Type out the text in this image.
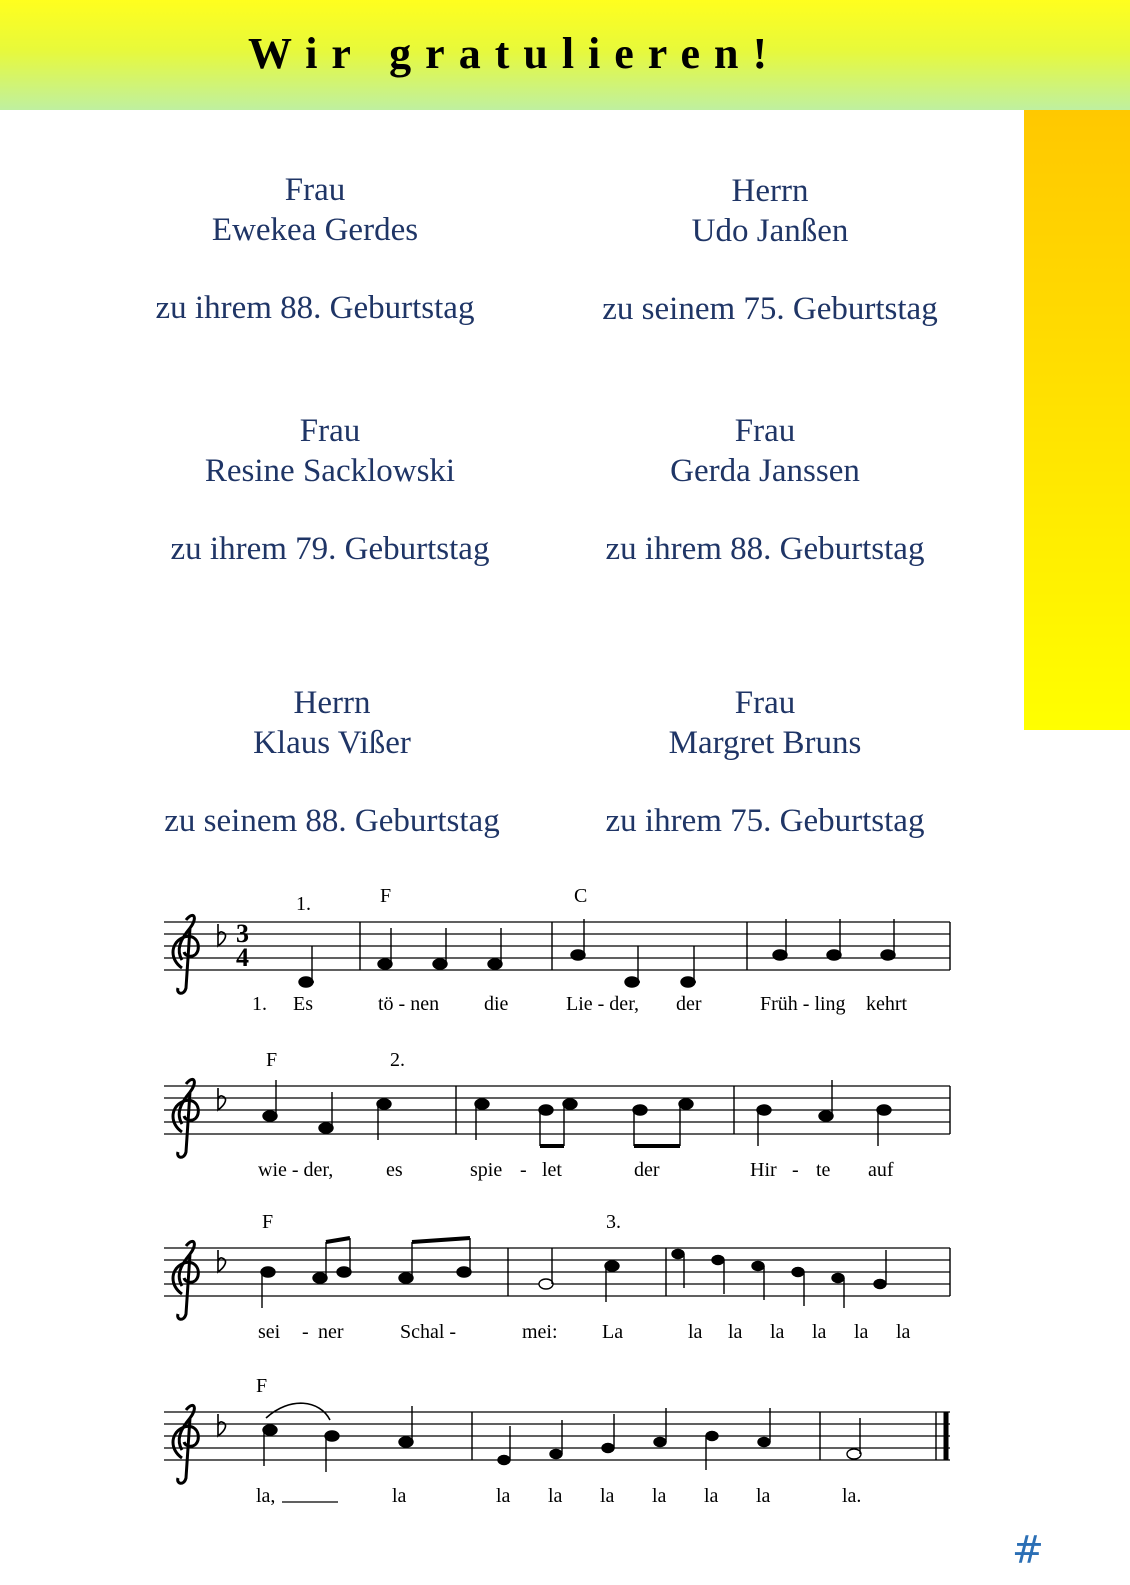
Wir gratulieren!
Frau
Ewekea Gerdes
zu ihrem 88. Geburtstag
Herrn
Udo Janßen
zu seinem 75. Geburtstag
Frau
Resine Sacklowski
zu ihrem 79. Geburtstag
Frau
Gerda Janssen
zu ihrem 88. Geburtstag
Herrn
Klaus Vißer
zu seinem 88. Geburtstag
Frau
Margret Bruns
zu ihrem 75. Geburtstag
3
4
1.	F	C
1. Es	tö - nen die	Lie - der, der	Früh - ling kehrt
F	2.
wie - der,	es	spie - let	der	Hir - te auf
F	3.
sei - ner	Schal -	mei: La	la la la la la la
F
la,	la	la la la la la la	la.
#
